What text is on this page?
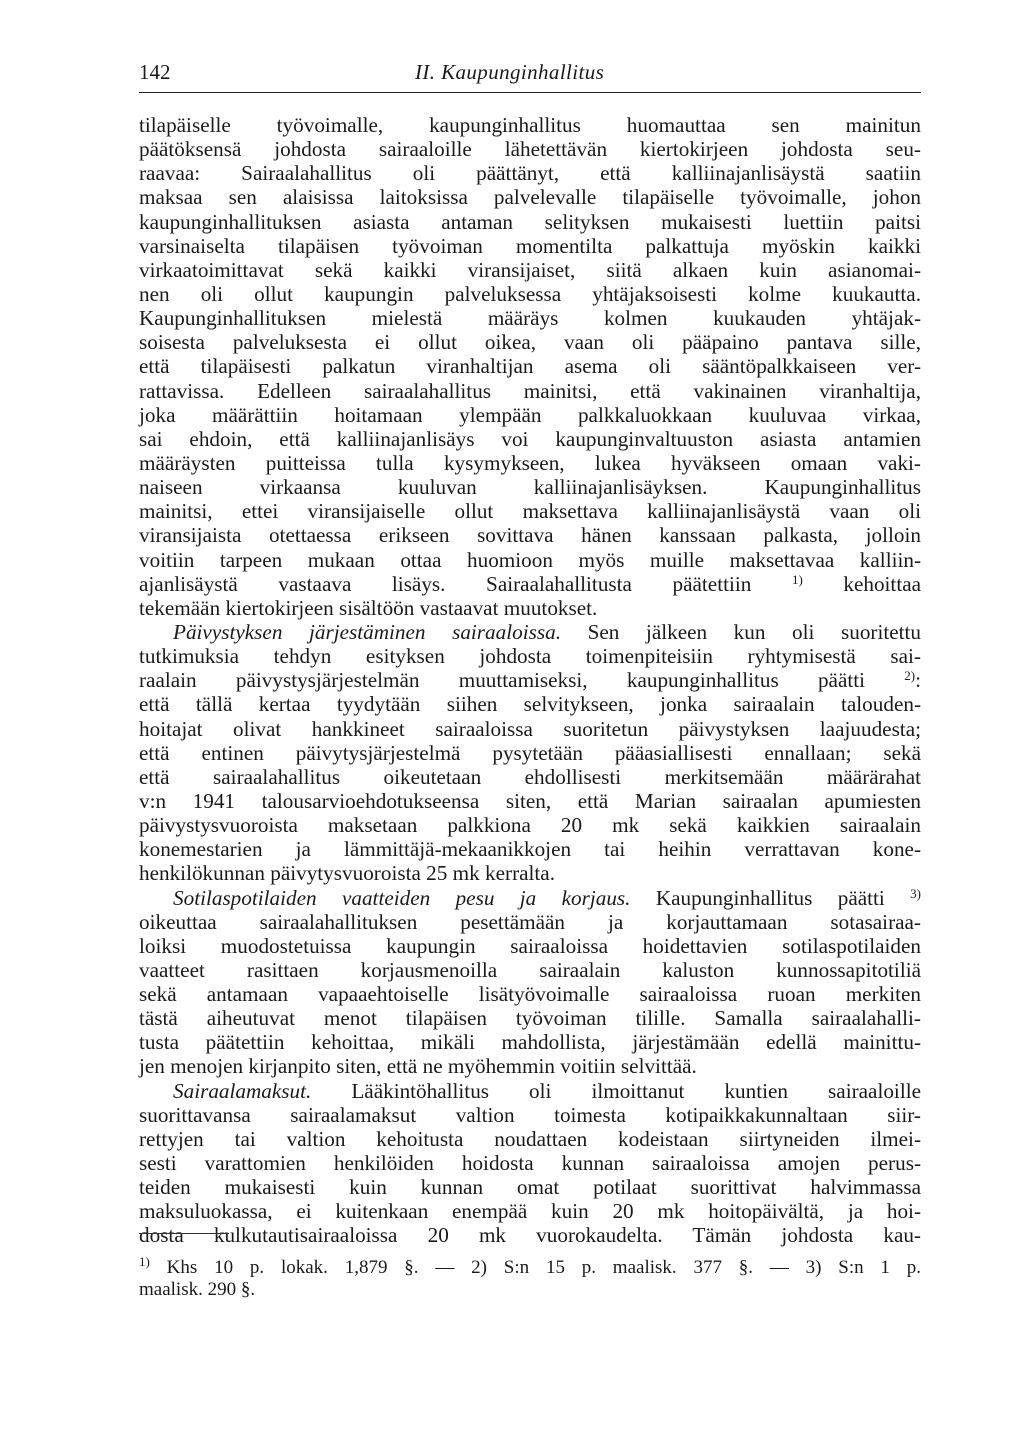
142	II. Kaupunginhallitus
tilapäiselle työvoimalle, kaupunginhallitus huomauttaa sen mainitun
päätöksensä johdosta sairaaloille lähetettävän kiertokirjeen johdosta seu-
raavaa: Sairaalahallitus oli päättänyt, että kalliinajanlisäystä saatiin
maksaa sen alaisissa laitoksissa palvelevalle tilapäiselle työvoimalle, johon
kaupunginhallituksen asiasta antaman selityksen mukaisesti luettiin paitsi
varsinaiselta tilapäisen työvoiman momentilta palkattuja myöskin kaikki
virkaatoimittavat sekä kaikki viransijaiset, siitä alkaen kuin asianomai-
nen oli ollut kaupungin palveluksessa yhtäjaksoisesti kolme kuukautta.
Kaupunginhallituksen mielestä määräys kolmen kuukauden yhtäjak-
soisesta palveluksesta ei ollut oikea, vaan oli pääpaino pantava sille,
että tilapäisesti palkatun viranhaltijan asema oli sääntöpalkkaiseen ver-
rattavissa. Edelleen sairaalahallitus mainitsi, että vakinainen viranhaltija,
joka määrättiin hoitamaan ylempään palkkaluokkaan kuuluvaa virkaa,
sai ehdoin, että kalliinajanlisäys voi kaupunginvaltuuston asiasta antamien
määräysten puitteissa tulla kysymykseen, lukea hyväkseen omaan vaki-
naiseen virkaansa kuuluvan kalliinajanlisäyksen. Kaupunginhallitus
mainitsi, ettei viransijaiselle ollut maksettava kalliinajanlisäystä vaan oli
viransijaista otettaessa erikseen sovittava hänen kanssaan palkasta, jolloin
voitiin tarpeen mukaan ottaa huomioon myös muille maksettavaa kalliin-
ajanlisäystä vastaava lisäys. Sairaalahallitusta päätettiin	$^{1)}$ kehoittaa
tekemään kiertokirjeen sisältöön vastaavat muutokset.
Päivystyksen järjestäminen sairaaloissa. Sen jälkeen kun oli suoritettu
tutkimuksia tehdyn esityksen johdosta toimenpiteisiin ryhtymisestä sai-
raalain päivystysjärjestelmän muuttamiseksi, kaupunginhallitus päätti	$^{2)}$:
että tällä kertaa tyydytään siihen selvitykseen, jonka sairaalain talouden-
hoitajat olivat hankkineet sairaaloissa suoritetun päivystyksen laajuudesta;
että entinen päivytysjärjestelmä pysytetään pääasiallisesti ennallaan; sekä
että sairaalahallitus oikeutetaan ehdollisesti merkitsemään määrärahat
v:n 1941 talousarvioehdotukseensa siten, että Marian sairaalan apumiesten
päivystysvuoroista maksetaan palkkiona 20 mk sekä kaikkien sairaalain
konemestarien ja lämmittäjä-mekaanikkojen tai heihin verrattavan kone-
henkilökunnan päivytysvuoroista 25 mk kerralta.
Sotilaspotilaiden vaatteiden pesu ja korjaus. Kaupunginhallitus päätti $^{3)}$
oikeuttaa sairaalahallituksen pesettämään ja korjauttamaan sotasairaa-
loiksi muodostetuissa kaupungin sairaaloissa hoidettavien sotilaspotilaiden
vaatteet rasittaen korjausmenoilla sairaalain kaluston kunnossapitotiliä
sekä antamaan vapaaehtoiselle lisätyövoimalle sairaaloissa ruoan merkiten
tästä aiheutuvat menot tilapäisen työvoiman tilille. Samalla sairaalahalli-
tusta päätettiin kehoittaa, mikäli mahdollista, järjestämään edellä mainittu-
jen menojen kirjanpito siten, että ne myöhemmin voitiin selvittää.
Sairaalamaksut. Lääkintöhallitus oli ilmoittanut kuntien sairaaloille
suorittavansa sairaalamaksut valtion toimesta kotipaikkakunnaltaan siir-
rettyjen tai valtion kehoitusta noudattaen kodeistaan siirtyneiden ilmei-
sesti varattomien henkilöiden hoidosta kunnan sairaaloissa amojen perus-
teiden mukaisesti kuin kunnan omat potilaat suorittivat halvimmassa
maksuluokassa, ei kuitenkaan enempää kuin 20 mk hoitopäivältä, ja hoi-
dosta kulkutautisairaaloissa 20 mk vuorokaudelta. Tämän johdosta kau-
$^{1)}$ Khs 10 p. lokak. 1,879 §. — 2) S:n 15 p. maalisk. 377 §. — 3) S:n 1 p.
maalisk. 290 §.
